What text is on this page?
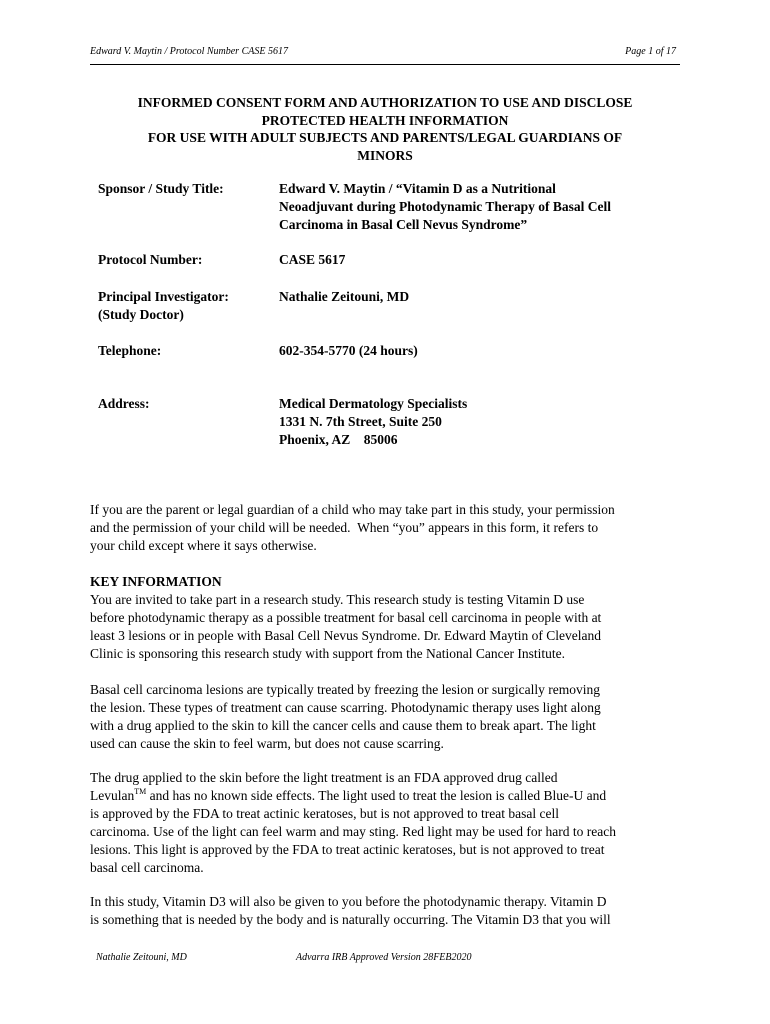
Edward V. Maytin / Protocol Number CASE 5617	Page 1 of 17
INFORMED CONSENT FORM AND AUTHORIZATION TO USE AND DISCLOSE
PROTECTED HEALTH INFORMATION
FOR USE WITH ADULT SUBJECTS AND PARENTS/LEGAL GUARDIANS OF
MINORS
Sponsor / Study Title:	Edward V. Maytin / “Vitamin D as a Nutritional
Neoadjuvant during Photodynamic Therapy of Basal Cell
Carcinoma in Basal Cell Nevus Syndrome”
Protocol Number:	CASE 5617
Principal Investigator:
(Study Doctor)
Nathalie Zeitouni, MD
Telephone:	602-354-5770 (24 hours)
Address:	Medical Dermatology Specialists
1331 N. 7th Street, Suite 250
Phoenix, AZ    85006
If you are the parent or legal guardian of a child who may take part in this study, your permission
and the permission of your child will be needed.  When “you” appears in this form, it refers to
your child except where it says otherwise.
KEY INFORMATION
You are invited to take part in a research study. This research study is testing Vitamin D use
before photodynamic therapy as a possible treatment for basal cell carcinoma in people with at
least 3 lesions or in people with Basal Cell Nevus Syndrome. Dr. Edward Maytin of Cleveland
Clinic is sponsoring this research study with support from the National Cancer Institute.
Basal cell carcinoma lesions are typically treated by freezing the lesion or surgically removing
the lesion. These types of treatment can cause scarring. Photodynamic therapy uses light along
with a drug applied to the skin to kill the cancer cells and cause them to break apart. The light
used can cause the skin to feel warm, but does not cause scarring.
The drug applied to the skin before the light treatment is an FDA approved drug called
Levulan™ and has no known side effects. The light used to treat the lesion is called Blue-U and
is approved by the FDA to treat actinic keratoses, but is not approved to treat basal cell
carcinoma. Use of the light can feel warm and may sting. Red light may be used for hard to reach
lesions. This light is approved by the FDA to treat actinic keratoses, but is not approved to treat
basal cell carcinoma.
In this study, Vitamin D3 will also be given to you before the photodynamic therapy. Vitamin D
is something that is needed by the body and is naturally occurring. The Vitamin D3 that you will
Nathalie Zeitouni, MD	Advarra IRB Approved Version 28FEB2020
